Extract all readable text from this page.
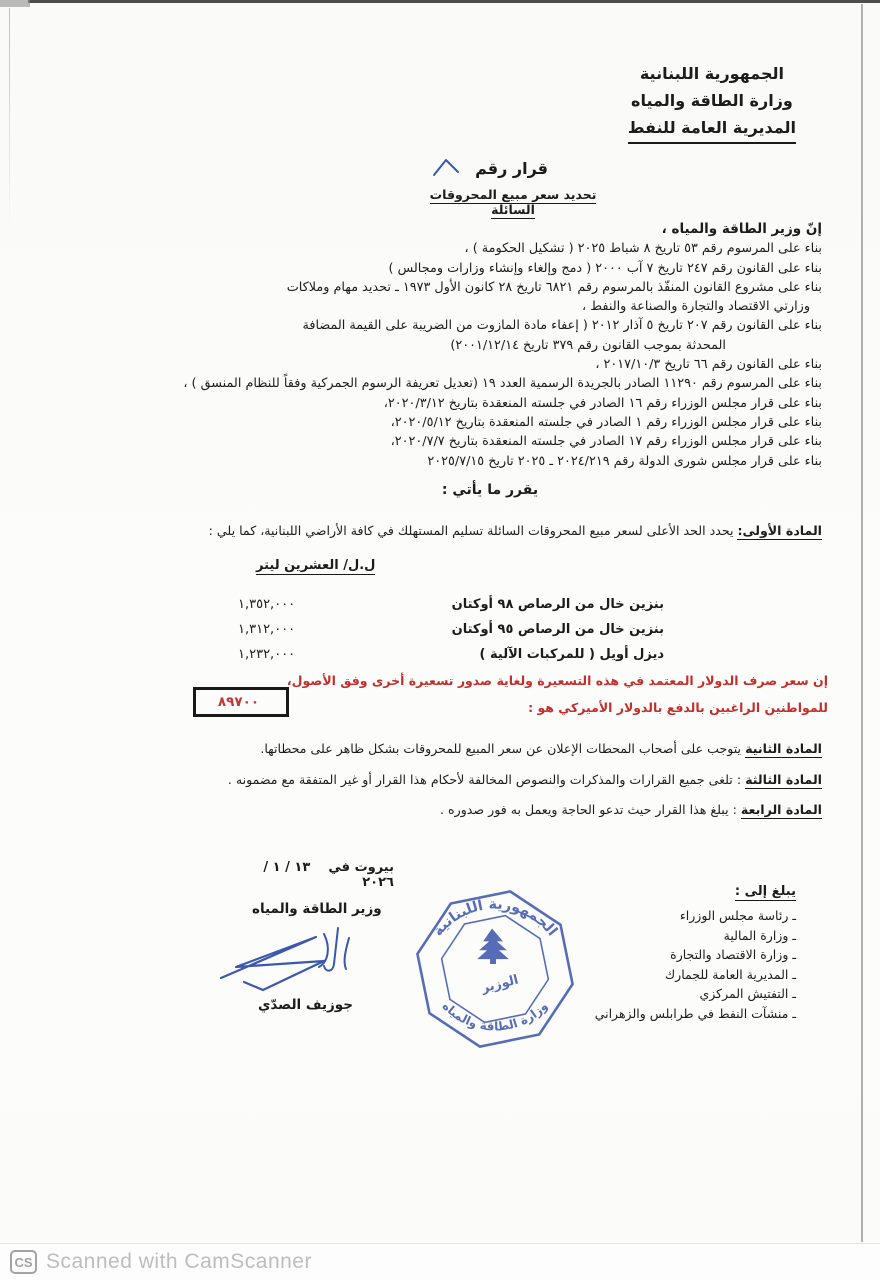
الجمهورية اللبنانية
وزارة الطاقة والمياه
المديرية العامة للنفط
قرار رقم
تحديد سعر مبيع المحروقات السائلة
إنّ وزير الطاقة والمياه ،
بناء على المرسوم رقم ٥٣ تاريخ ٨ شباط ٢٠٢٥ ( تشكيل الحكومة ) ،
بناء على القانون رقم ٢٤٧ تاريخ ٧ آب ٢٠٠٠ ( دمج وإلغاء وإنشاء وزارات ومجالس )
بناء على مشروع القانون المنفّذ بالمرسوم رقم ٦٨٢١ تاريخ ٢٨ كانون الأول ١٩٧٣ ـ تحديد مهام وملاكات
وزارتي الاقتصاد والتجارة والصناعة والنفط ،
بناء على القانون رقم ٢٠٧ تاريخ ٥ آذار ٢٠١٢ ( إعفاء مادة المازوت من الضريبة على القيمة المضافة
المحدثة بموجب القانون رقم ٣٧٩ تاريخ ٢٠٠١/١٢/١٤)
بناء على القانون رقم ٦٦ تاريخ ٢٠١٧/١٠/٣ ،
بناء على المرسوم رقم ١١٢٩٠ الصادر بالجريدة الرسمية العدد ١٩ (تعديل تعريفة الرسوم الجمركية وفقاً للنظام المنسق ) ،
بناء على قرار مجلس الوزراء رقم ١٦ الصادر في جلسته المنعقدة بتاريخ ٢٠٢٠/٣/١٢،
بناء على قرار مجلس الوزراء رقم ١ الصادر في جلسته المنعقدة بتاريخ ٢٠٢٠/٥/١٢،
بناء على قرار مجلس الوزراء رقم ١٧ الصادر في جلسته المنعقدة بتاريخ ٢٠٢٠/٧/٧،
بناء على قرار مجلس شورى الدولة رقم ٢٠٢٤/٢١٩ ـ ٢٠٢٥ تاريخ ٢٠٢٥/٧/١٥
يقرر ما يأتي :
المادة الأولى: يحدد الحد الأعلى لسعر مبيع المحروقات السائلة تسليم المستهلك في كافة الأراضي اللبنانية، كما يلي :
ل.ل/ العشرين ليتر
بنزين خال من الرصاص ٩٨ أوكتان
١,٣٥٢,٠٠٠
بنزين خال من الرصاص ٩٥ أوكتان
١,٣١٢,٠٠٠
ديزل أويل ( للمركبات الآلية )
١,٢٣٢,٠٠٠
إن سعر صرف الدولار المعتمد في هذه التسعيرة ولغاية صدور تسعيرة أخرى وفق الأصول،
للمواطنين الراغبين بالدفع بالدولار الأميركي هو :
٨٩٧٠٠
المادة الثانية يتوجب على أصحاب المحطات الإعلان عن سعر المبيع للمحروقات بشكل ظاهر على محطاتها.
المادة الثالثة : تلغى جميع القرارات والمذكرات والنصوص المخالفة لأحكام هذا القرار أو غير المتفقة مع مضمونه .
المادة الرابعة : يبلغ هذا القرار حيث تدعو الحاجة ويعمل به فور صدوره .
بيروت في    ١٣ / ١ / ٢٠٢٦
وزير الطاقة والمياه
جوزيف الصدّي
الجمهورية اللبنانية
الوزير
وزارة الطاقة والمياه
يبلغ إلى :
ـ رئاسة مجلس الوزراء
ـ وزارة المالية
ـ وزارة الاقتصاد والتجارة
ـ المديرية العامة للجمارك
ـ التفتيش المركزي
ـ منشآت النفط في طرابلس والزهراني
CS Scanned with CamScanner
